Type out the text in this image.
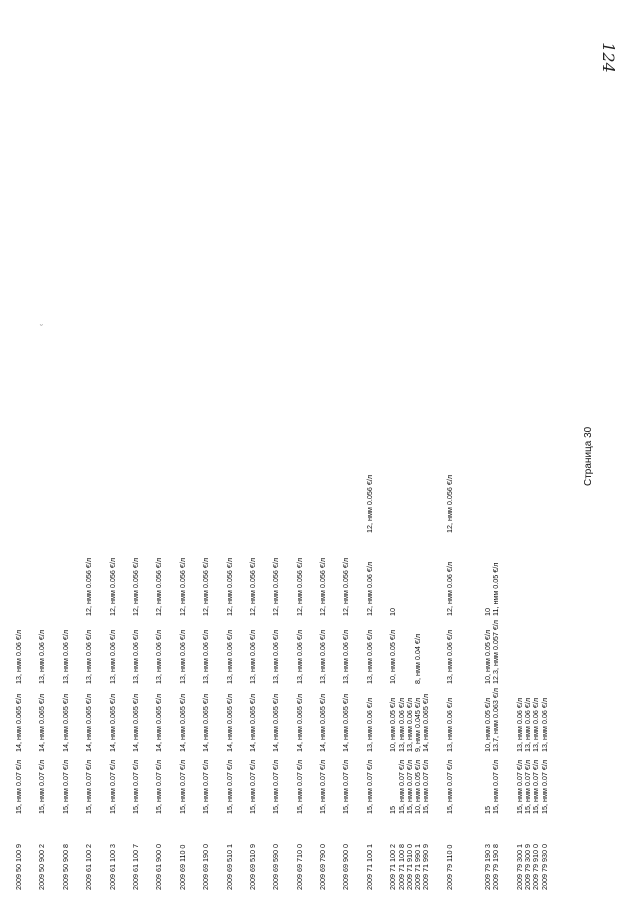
2009 50 100 9
15, нмм 0.07 €/л
14, нмм 0.065 €/л
13, нмм 0.06 €/л
2009 50 900 2
15, нмм 0.07 €/л
14, нмм 0.065 €/л
13, нмм 0.06 €/л
2009 50 900 8
15, нмм 0.07 €/л
14, нмм 0.065 €/л
13, нмм 0.06 €/л
2009 61 100 2
15, нмм 0.07 €/л
14, нмм 0.065 €/л
13, нмм 0.06 €/л
12, нмм 0.056 €/л
2009 61 100 3
15, нмм 0.07 €/л
14, нмм 0.065 €/л
13, нмм 0.06 €/л
12, нмм 0.056 €/л
2009 61 100 7
15, нмм 0.07 €/л
14, нмм 0.065 €/л
13, нмм 0.06 €/л
12, нмм 0.056 €/л
2009 61 900 0
15, нмм 0.07 €/л
14, нмм 0.065 €/л
13, нмм 0.06 €/л
12, нмм 0.056 €/л
2009 69 110 0
15, нмм 0.07 €/л
14, нмм 0.065 €/л
13, нмм 0.06 €/л
12, нмм 0.056 €/л
2009 69 190 0
15, нмм 0.07 €/л
14, нмм 0.065 €/л
13, нмм 0.06 €/л
12, нмм 0.056 €/л
2009 69 510 1
15, нмм 0.07 €/л
14, нмм 0.065 €/л
13, нмм 0.06 €/л
12, нмм 0.056 €/л
2009 69 510 9
15, нмм 0.07 €/л
14, нмм 0.065 €/л
13, нмм 0.06 €/л
12, нмм 0.056 €/л
2009 69 590 0
15, нмм 0.07 €/л
14, нмм 0.065 €/л
13, нмм 0.06 €/л
12, нмм 0.056 €/л
2009 69 710 0
15, нмм 0.07 €/л
14, нмм 0.065 €/л
13, нмм 0.06 €/л
12, нмм 0.056 €/л
2009 69 790 0
15, нмм 0.07 €/л
14, нмм 0.065 €/л
13, нмм 0.06 €/л
12, нмм 0.056 €/л
2009 69 900 0
15, нмм 0.07 €/л
14, нмм 0.065 €/л
13, нмм 0.06 €/л
12, нмм 0.056 €/л
2009 71 100 1
15, нмм 0.07 €/л
13, нмм 0.06 €/л
13, нмм 0.06 €/л
12, нмм 0.06 €/л
12, нмм 0.056 €/л
2009 71 100 2
15
10, нмм 0.05 €/л
10, нмм 0.05 €/л
10
2009 71 100 8
15, нмм 0.07 €/л
13, нмм 0.06 €/л
2009 71 910 0
15, нмм 0.07 €/л
13, нмм 0.06 €/л
2009 71 990 1
10, нмм 0.05 €/л
9, нмм 0.045 €/л
8, нмм 0.04 €/л
2009 71 990 9
15, нмм 0.07 €/л
14, нмм 0.065 €/л
2009 79 110 0
15, нмм 0.07 €/л
13, нмм 0.06 €/л
13, нмм 0.06 €/л
12, нмм 0.06 €/л
12, нмм 0.056 €/л
2009 79 190 3
15
10, нмм 0.05 €/л
10, нмм 0.05 €/л
10
2009 79 190 8
15, нмм 0.07 €/л
13.7, нмм 0.063 €/л
12.3, нмм 0.057 €/л
11, нмм 0.05 €/л
2009 79 300 1
15, нмм 0.07 €/л
13, нмм 0.06 €/л
2009 79 300 9
15, нмм 0.07 €/л
13, нмм 0.06 €/л
2009 79 910 0
15, нмм 0.07 €/л
13, нмм 0.06 €/л
2009 79 930 0
15, нмм 0.07 €/л
13, нмм 0.06 €/л
Страница 30
124
˘
